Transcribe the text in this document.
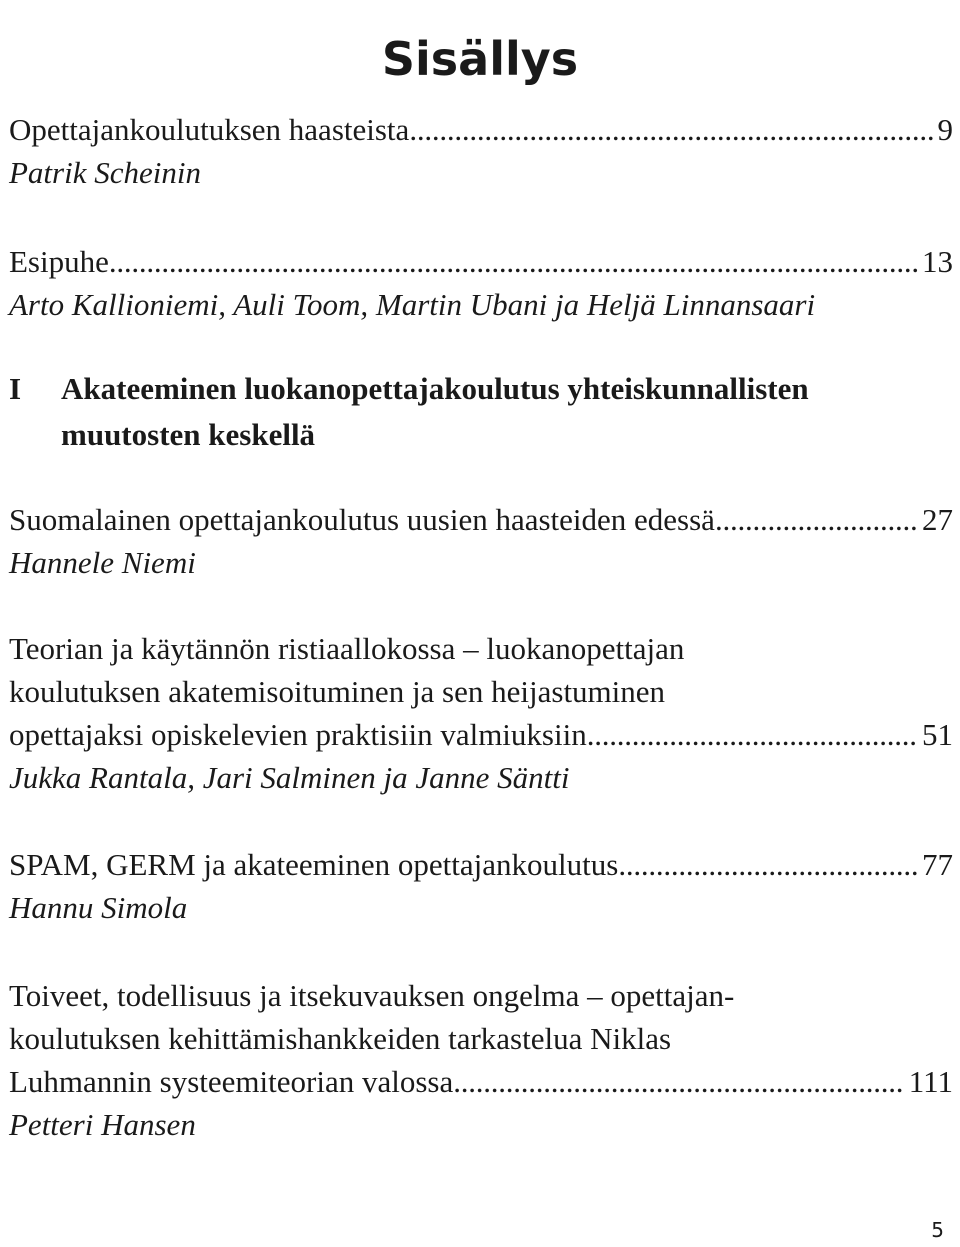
Sisällys
Opettajankoulutuksen haasteista . . .	9
Patrik Scheinin
Esipuhe . . .	13
Arto Kallioniemi, Auli Toom, Martin Ubani ja Heljä Linnansaari
I Akateeminen luokanopettajakoulutus yhteiskunnallisten
muutosten keskellä
Suomalainen opettajankoulutus uusien haasteiden edessä . . .	27
Hannele Niemi
Teorian ja käytännön ristiaallokossa – luokanopettajan
koulutuksen akatemisoituminen ja sen heijastuminen
opettajaksi opiskelevien praktisiin valmiuksiin . . .	51
Jukka Rantala, Jari Salminen ja Janne Säntti
SPAM, GERM ja akateeminen opettajankoulutus . . .	77
Hannu Simola
Toiveet, todellisuus ja itsekuvauksen ongelma – opettajan-
koulutuksen kehittämishankkeiden tarkastelua Niklas
Luhmannin systeemiteorian valossa . . .	111
Petteri Hansen
5
